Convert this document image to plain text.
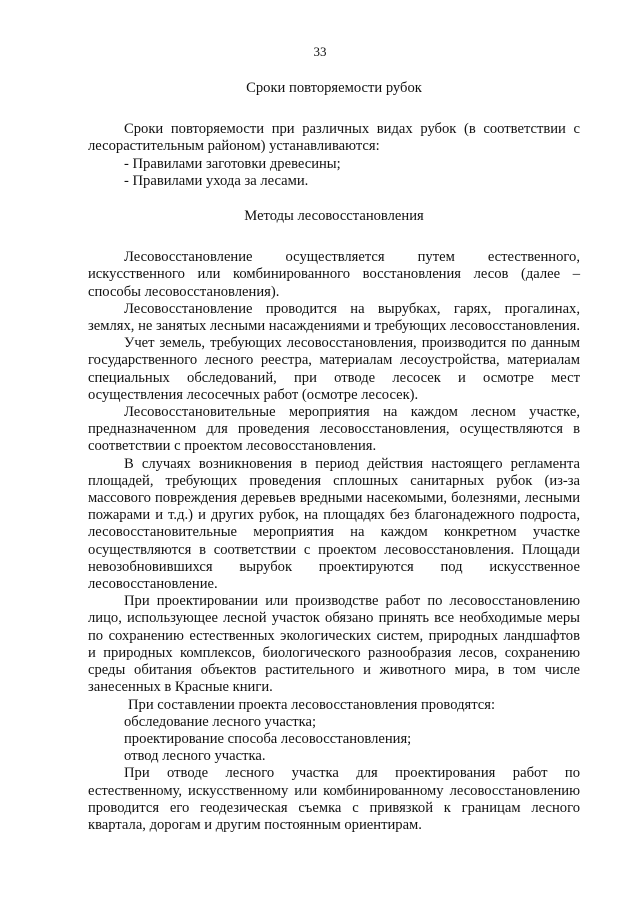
33
Сроки повторяемости рубок

Сроки повторяемости при различных видах рубок (в соответствии с лесорастительным районом) устанавливаются:

- Правилами заготовки древесины;

- Правилами ухода за лесами.

Методы лесовосстановления

Лесовосстановление осуществляется путем естественного, искусственного или комбинированного восстановления лесов (далее – способы лесовосстановления).

Лесовосстановление проводится на вырубках, гарях, прогалинах, землях, не занятых лесными насаждениями и требующих лесовосстановления.

Учет земель, требующих лесовосстановления, производится по данным государственного лесного реестра, материалам лесоустройства, материалам специальных обследований, при отводе лесосек и осмотре мест осуществления лесосечных работ (осмотре лесосек).

Лесовосстановительные мероприятия на каждом лесном участке, предназначенном для проведения лесовосстановления, осуществляются в соответствии с проектом лесовосстановления.

В случаях возникновения в период действия настоящего регламента площадей, требующих проведения сплошных санитарных рубок (из-за массового повреждения деревьев вредными насекомыми, болезнями, лесными пожарами и т.д.) и других рубок, на площадях без благонадежного подроста, лесовосстановительные мероприятия на каждом конкретном участке осуществляются в соответствии с проектом лесовосстановления. Площади невозобновившихся вырубок проектируются под искусственное лесовосстановление.

При проектировании или производстве работ по лесовосстановлению лицо, использующее лесной участок обязано принять все необходимые меры по сохранению естественных экологических систем, природных ландшафтов и природных комплексов, биологического разнообразия лесов, сохранению среды обитания объектов растительного и животного мира, в том числе занесенных в Красные книги.

При составлении проекта лесовосстановления проводятся:

обследование лесного участка;

проектирование способа лесовосстановления;

отвод лесного участка.

При отводе лесного участка для проектирования работ по естественному, искусственному или комбинированному лесовосстановлению проводится его геодезическая съемка с привязкой к границам лесного квартала, дорогам и другим постоянным ориентирам.
